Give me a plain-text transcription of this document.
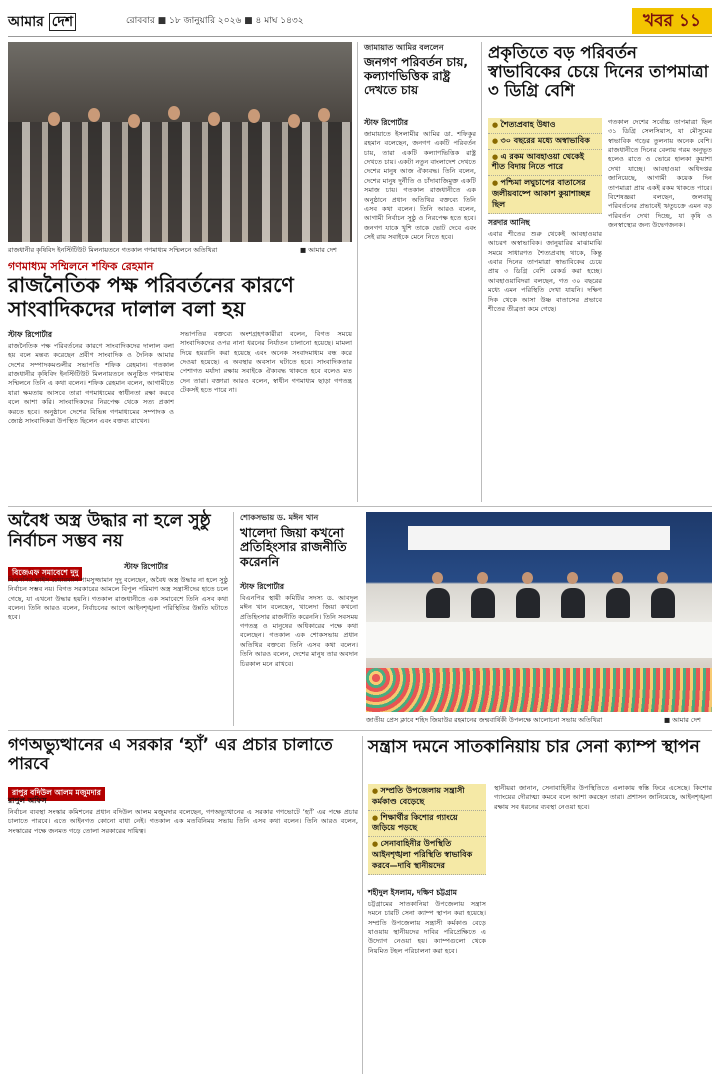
আমার দেশ	রোববার ■ ১৮ জানুয়ারি ২০২৬ ■ ৪ মাঘ ১৪৩২	খবর ১১
রাজধানীর কৃষিবিদ ইনস্টিটিউট মিলনায়তনে গতকাল গণমাধ্যম সম্মিলনে অতিথিরা	■ আমার দেশ
গণমাধ্যম সম্মিলনে শফিক রেহমান
রাজনৈতিক পক্ষ পরিবর্তনের কারণে সাংবাদিকদের দালাল বলা হয়
স্টাফ রিপোর্টার
রাজনৈতিক পক্ষ পরিবর্তনের কারণে সাংবাদিকদের দালাল বলা হয় বলে মন্তব্য করেছেন প্রবীণ সাংবাদিক ও দৈনিক আমার দেশের সম্পাদকমণ্ডলীর সভাপতি শফিক রেহমান। গতকাল রাজধানীর কৃষিবিদ ইনস্টিটিউট মিলনায়তনে অনুষ্ঠিত গণমাধ্যম সম্মিলনে তিনি এ কথা বলেন। শফিক রেহমান বলেন, আগামীতে যারা ক্ষমতায় আসবে তারা গণমাধ্যমের স্বাধীনতা রক্ষা করবে বলে আশা করি। সাংবাদিকদের নিরপেক্ষ থেকে সত্য প্রকাশ করতে হবে। অনুষ্ঠানে দেশের বিভিন্ন গণমাধ্যমের সম্পাদক ও জ্যেষ্ঠ সাংবাদিকরা উপস্থিত ছিলেন এবং বক্তব্য রাখেন।
সভাপতির বক্তব্যে অংশগ্রহণকারীরা বলেন, বিগত সময়ে সাংবাদিকদের ওপর নানা ধরনের নির্যাতন চালানো হয়েছে। মামলা দিয়ে হয়রানি করা হয়েছে এবং অনেক সংবাদমাধ্যম বন্ধ করে দেওয়া হয়েছে। এ অবস্থার অবসান ঘটাতে হবে। সাংবাদিকতার পেশাগত মর্যাদা রক্ষায় সবাইকে ঐক্যবদ্ধ থাকতে হবে বলেও মত দেন তারা। বক্তারা আরও বলেন, স্বাধীন গণমাধ্যম ছাড়া গণতন্ত্র টেকসই হতে পারে না।
জামায়াত আমির বললেন
জনগণ পরিবর্তন চায়, কল্যাণভিত্তিক রাষ্ট্র দেখতে চায়
স্টাফ রিপোর্টার
জামায়াতে ইসলামীর আমির ডা. শফিকুর রহমান বলেছেন, জনগণ একটি পরিবর্তন চায়, তারা একটি কল্যাণভিত্তিক রাষ্ট্র দেখতে চায়। একটা নতুন বাংলাদেশ দেখতে দেশের মানুষ আজ ঐক্যবদ্ধ। তিনি বলেন, দেশের মানুষ দুর্নীতি ও চাঁদাবাজিমুক্ত একটি সমাজ চায়। গতকাল রাজধানীতে এক অনুষ্ঠানে প্রধান অতিথির বক্তব্যে তিনি এসব কথা বলেন। তিনি আরও বলেন, আগামী নির্বাচন সুষ্ঠু ও নিরপেক্ষ হতে হবে। জনগণ যাকে খুশি তাকে ভোট দেবে এবং সেই রায় সবাইকে মেনে নিতে হবে।
প্রকৃতিতে বড় পরিবর্তন স্বাভাবিকের চেয়ে দিনের তাপমাত্রা ৩ ডিগ্রি বেশি
● শৈত্যপ্রবাহ উধাও
● ৩০ বছরের মধ্যে অস্বাভাবিক
● এ রকম আবহাওয়া থেকেই শীত বিদায় নিতে পারে
● পশ্চিমা লঘুচাপের বাতাসের জলীয়বাষ্পে আকাশ কুয়াশাচ্ছন্ন ছিল
সরদার আনিছ
এবার শীতের শুরু থেকেই আবহাওয়ার আচরণ অস্বাভাবিক। জানুয়ারির মাঝামাঝি সময়ে সাধারণত শৈত্যপ্রবাহ থাকে, কিন্তু এবার দিনের তাপমাত্রা স্বাভাবিকের চেয়ে প্রায় ৩ ডিগ্রি বেশি রেকর্ড করা হচ্ছে। আবহাওয়াবিদরা বলছেন, গত ৩০ বছরের মধ্যে এমন পরিস্থিতি দেখা যায়নি। দক্ষিণ দিক থেকে আসা উষ্ণ বাতাসের প্রভাবে শীতের তীব্রতা কমে গেছে।
গতকাল দেশের সর্বোচ্চ তাপমাত্রা ছিল ৩১ ডিগ্রি সেলসিয়াস, যা মৌসুমের স্বাভাবিক গড়ের তুলনায় অনেক বেশি। রাজধানীতে দিনের বেলায় গরম অনুভূত হলেও রাতে ও ভোরে হালকা কুয়াশা দেখা যাচ্ছে। আবহাওয়া অধিদপ্তর জানিয়েছে, আগামী কয়েক দিন তাপমাত্রা প্রায় একই রকম থাকতে পারে। বিশেষজ্ঞরা বলছেন, জলবায়ু পরিবর্তনের প্রভাবেই ঋতুচক্রে এমন বড় পরিবর্তন দেখা দিচ্ছে, যা কৃষি ও জনস্বাস্থ্যের জন্য উদ্বেগজনক।
অবৈধ অস্ত্র উদ্ধার না হলে সুষ্ঠু নির্বাচন সম্ভব নয়
বিজেএফ সমাবেশে দুদু
স্টাফ রিপোর্টার
বিএনপির ভাইস চেয়ারম্যান শামসুজ্জামান দুদু বলেছেন, অবৈধ অস্ত্র উদ্ধার না হলে সুষ্ঠু নির্বাচন সম্ভব নয়। বিগত সরকারের আমলে বিপুল পরিমাণ অস্ত্র সন্ত্রাসীদের হাতে চলে গেছে, যা এখনো উদ্ধার হয়নি। গতকাল রাজধানীতে এক সমাবেশে তিনি এসব কথা বলেন। তিনি আরও বলেন, নির্বাচনের আগে আইনশৃঙ্খলা পরিস্থিতির উন্নতি ঘটাতে হবে।
শোকসভায় ড. মঈন খান
খালেদা জিয়া কখনো প্রতিহিংসার রাজনীতি করেননি
স্টাফ রিপোর্টার
বিএনপির স্থায়ী কমিটির সদস্য ড. আবদুল মঈন খান বলেছেন, খালেদা জিয়া কখনো প্রতিহিংসার রাজনীতি করেননি। তিনি সবসময় গণতন্ত্র ও মানুষের অধিকারের পক্ষে কথা বলেছেন। গতকাল এক শোকসভায় প্রধান অতিথির বক্তব্যে তিনি এসব কথা বলেন। তিনি আরও বলেন, দেশের মানুষ তার অবদান চিরকাল মনে রাখবে।
জাতীয় প্রেস ক্লাবে শহিদ জিয়াউর রহমানের জন্মবার্ষিকী উপলক্ষে আলোচনা সভায় অতিথিরা	■ আমার দেশ
গণঅভ্যুত্থানের এ সরকার ‘হ্যাঁ’ এর প্রচার চালাতে পারবে
রাপুর বদিউল আলম মজুমদার
রাপুল অফিস
নির্বাচন ব্যবস্থা সংস্কার কমিশনের প্রধান বদিউল আলম মজুমদার বলেছেন, গণঅভ্যুত্থানের এ সরকার গণভোটে ‘হ্যাঁ’ এর পক্ষে প্রচার চালাতে পারবে। এতে আইনগত কোনো বাধা নেই। গতকাল এক মতবিনিময় সভায় তিনি এসব কথা বলেন। তিনি আরও বলেন, সংস্কারের পক্ষে জনমত গড়ে তোলা সরকারের দায়িত্ব।
সন্ত্রাস দমনে সাতকানিয়ায় চার সেনা ক্যাম্প স্থাপন
● সম্প্রতি উপজেলায় সন্ত্রাসী কর্মকাণ্ড বেড়েছে
● শিক্ষার্থীর কিশোর গ্যাংয়ে জড়িয়ে পড়ছে
● সেনাবাহিনীর উপস্থিতি আইনশৃঙ্খলা পরিস্থিতি স্বাভাবিক করবে—দাবি স্থানীয়দের
শহীদুল ইসলাম, দক্ষিণ চট্টগ্রাম
চট্টগ্রামের সাতকানিয়া উপজেলায় সন্ত্রাস দমনে চারটি সেনা ক্যাম্প স্থাপন করা হয়েছে। সম্প্রতি উপজেলায় সন্ত্রাসী কর্মকাণ্ড বেড়ে যাওয়ায় স্থানীয়দের দাবির পরিপ্রেক্ষিতে এ উদ্যোগ নেওয়া হয়। ক্যাম্পগুলো থেকে নিয়মিত টহল পরিচালনা করা হবে।
স্থানীয়রা জানান, সেনাবাহিনীর উপস্থিতিতে এলাকায় স্বস্তি ফিরে এসেছে। কিশোর গ্যাংয়ের দৌরাত্ম্য কমবে বলে আশা করছেন তারা। প্রশাসন জানিয়েছে, আইনশৃঙ্খলা রক্ষায় সব ধরনের ব্যবস্থা নেওয়া হবে।
